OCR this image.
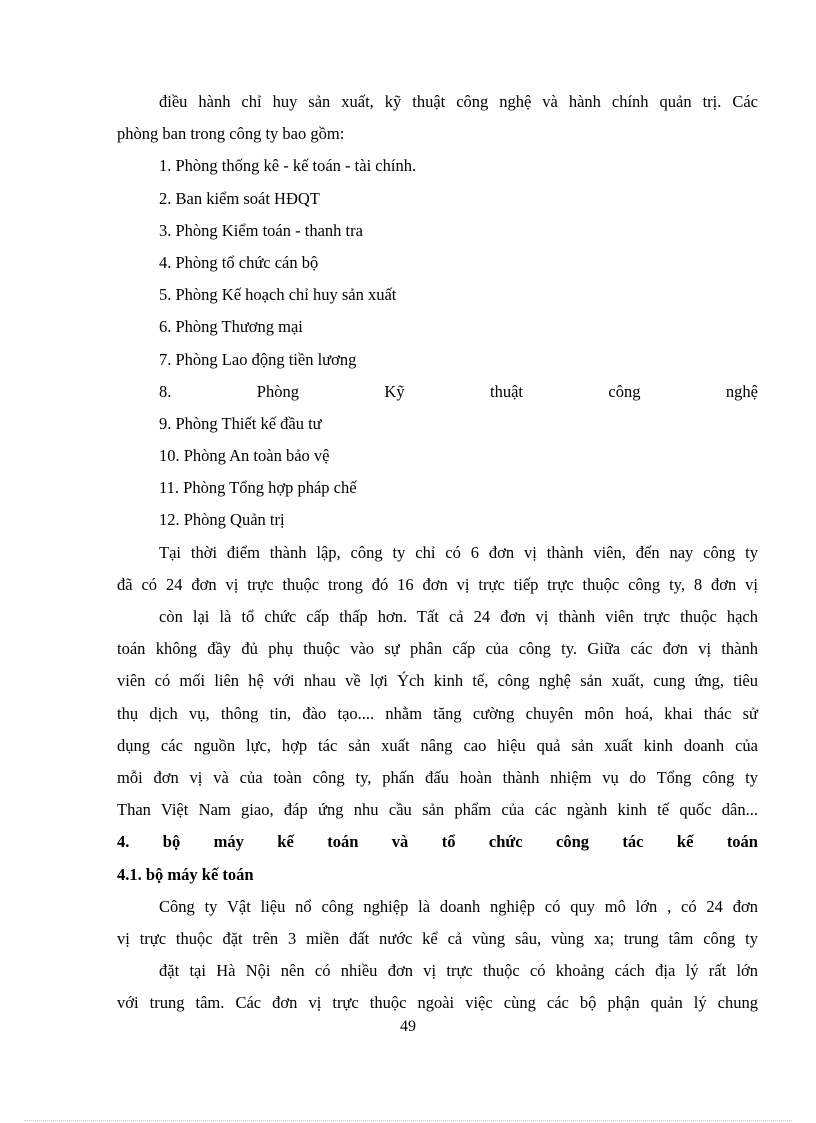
điều hành chỉ huy sản xuất, kỹ thuật công nghệ và hành chính quản trị. Các
phòng ban trong công ty bao gồm:
1. Phòng thống kê - kế toán - tài chính.
2. Ban kiểm soát HĐQT
3. Phòng Kiểm toán - thanh tra
4. Phòng tổ chức cán bộ
5. Phòng Kế hoạch chỉ huy sản xuất
6. Phòng Thương mại
7. Phòng Lao động tiền lương
8. Phòng Kỹ thuật công nghệ
9. Phòng Thiết kế đầu tư
10. Phòng An toàn bảo vệ
11. Phòng Tổng hợp pháp chế
12. Phòng Quản trị
Tại thời điểm thành lập, công ty chỉ có 6 đơn vị thành viên, đến nay công ty
đã có 24 đơn vị trực thuộc trong đó 16 đơn vị trực tiếp trực thuộc công ty, 8 đơn vị
còn lại là tổ chức cấp thấp hơn. Tất cả 24 đơn vị thành viên trực thuộc hạch
toán không đầy đủ phụ thuộc vào sự phân cấp của công ty. Giữa các đơn vị thành
viên có mối liên hệ với nhau về lợi Ých kinh tế, công nghệ sản xuất, cung ứng, tiêu
thụ dịch vụ, thông tin, đào tạo.... nhằm tăng cường chuyên môn hoá, khai thác sử
dụng các nguồn lực, hợp tác sản xuất nâng cao hiệu quả sản xuất kinh doanh của
mỗi đơn vị và của toàn công ty, phấn đấu hoàn thành nhiệm vụ do Tổng công ty
Than Việt Nam giao, đáp ứng nhu cầu sản phẩm của các ngành kinh tế quốc dân...
4. bộ máy kế toán và tổ chức công tác kế toán
4.1. bộ máy kế toán
Công ty Vật liệu nổ công nghiệp là doanh nghiệp có quy mô lớn , có 24 đơn
vị trực thuộc đặt trên 3 miền đất nước kể cả vùng sâu, vùng xa; trung tâm công ty
đặt tại Hà Nội nên có nhiều đơn vị trực thuộc có khoảng cách địa lý rất lớn
với trung tâm. Các đơn vị trực thuộc ngoài việc cùng các bộ phận quản lý chung
49
